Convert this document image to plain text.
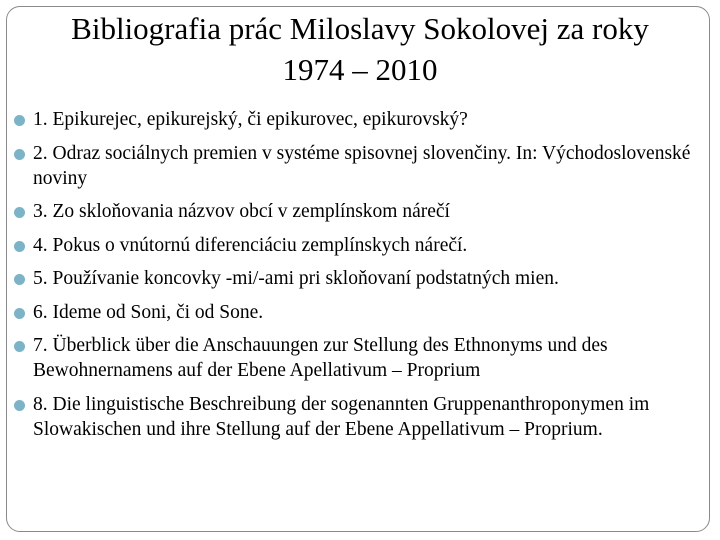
Bibliografia prác Miloslavy Sokolovej za roky
1974 – 2010
1. Epikurejec, epikurejský, či epikurovec, epikurovský?
2. Odraz sociálnych premien v systéme spisovnej slovenčiny. In: Východoslovenské noviny
3. Zo skloňovania názvov obcí v zemplínskom nárečí
4. Pokus o vnútornú diferenciáciu zemplínskych nárečí.
5. Používanie koncovky -mi/-ami pri skloňovaní podstatných mien.
6. Ideme od Soni, či od Sone.
7. Überblick über die Anschauungen zur Stellung des Ethnonyms und des Bewohnernamens auf der Ebene Apellativum – Proprium
8. Die linguistische Beschreibung der sogenannten Gruppenanthroponymen im Slowakischen und ihre Stellung auf der Ebene Appellativum – Proprium.
